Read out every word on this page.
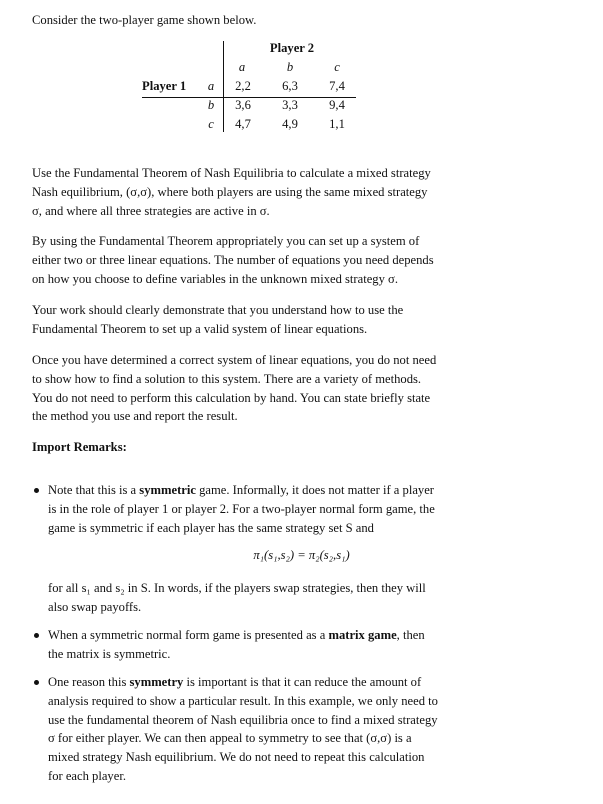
Consider the two-player game shown below.

Player 2
a	b	c
Player 1	a	2,2	6,3	7,4
b	3,6	3,3	9,4
c	4,7	4,9	1,1
Use the Fundamental Theorem of Nash Equilibria to calculate a mixed strategy
Nash equilibrium, (σ,σ), where both players are using the same mixed strategy
σ, and where all three strategies are active in σ.
By using the Fundamental Theorem appropriately you can set up a system of
either two or three linear equations. The number of equations you need depends
on how you choose to define variables in the unknown mixed strategy σ.
Your work should clearly demonstrate that you understand how to use the
Fundamental Theorem to set up a valid system of linear equations.
Once you have determined a correct system of linear equations, you do not need
to show how to find a solution to this system. There are a variety of methods.
You do not need to perform this calculation by hand. You can state briefly state
the method you use and report the result.
Import Remarks:
Note that this is a symmetric game. Informally, it does not matter if a player
is in the role of player 1 or player 2. For a two-player normal form game, the
game is symmetric if each player has the same strategy set S and
π₁(s₁,s₂) = π₂(s₂,s₁)
for all s₁ and s₂ in S. In words, if the players swap strategies, then they will
also swap payoffs.
When a symmetric normal form game is presented as a matrix game, then
the matrix is symmetric.
One reason this symmetry is important is that it can reduce the amount of
analysis required to show a particular result. In this example, we only need to
use the fundamental theorem of Nash equilibria once to find a mixed strategy
σ for either player. We can then appeal to symmetry to see that (σ,σ) is a
mixed strategy Nash equilibrium. We do not need to repeat this calculation
for each player.
